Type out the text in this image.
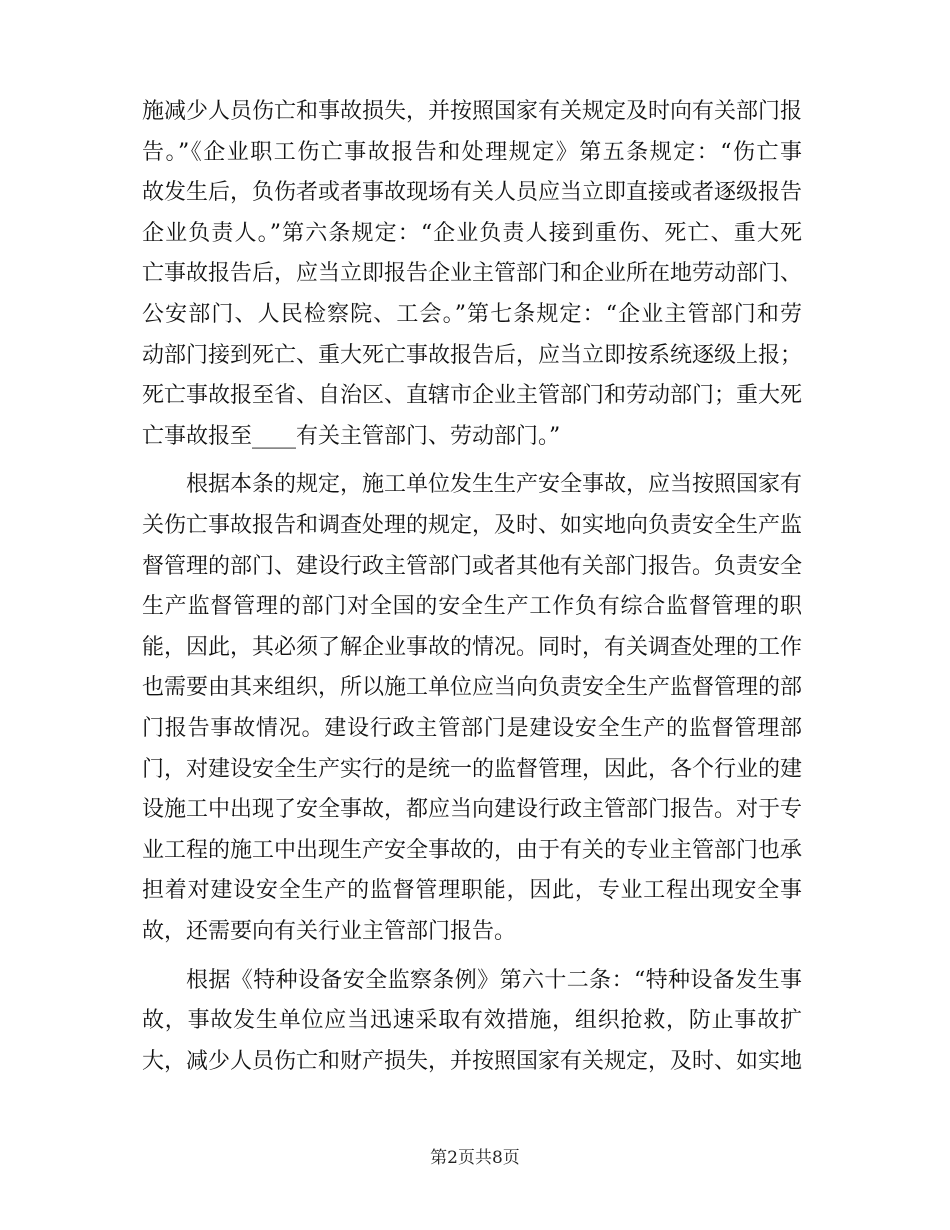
施减少人员伤亡和事故损失，并按照国家有关规定及时向有关部门报
告。”《企业职工伤亡事故报告和处理规定》第五条规定：“伤亡事
故发生后，负伤者或者事故现场有关人员应当立即直接或者逐级报告
企业负责人。”第六条规定：“企业负责人接到重伤、死亡、重大死
亡事故报告后，应当立即报告企业主管部门和企业所在地劳动部门、
公安部门、人民检察院、工会。”第七条规定：“企业主管部门和劳
动部门接到死亡、重大死亡事故报告后，应当立即按系统逐级上报；
死亡事故报至省、自治区、直辖市企业主管部门和劳动部门；重大死
亡事故报至____有关主管部门、劳动部门。”
根据本条的规定，施工单位发生生产安全事故，应当按照国家有
关伤亡事故报告和调查处理的规定，及时、如实地向负责安全生产监
督管理的部门、建设行政主管部门或者其他有关部门报告。负责安全
生产监督管理的部门对全国的安全生产工作负有综合监督管理的职
能，因此，其必须了解企业事故的情况。同时，有关调查处理的工作
也需要由其来组织，所以施工单位应当向负责安全生产监督管理的部
门报告事故情况。建设行政主管部门是建设安全生产的监督管理部
门，对建设安全生产实行的是统一的监督管理，因此，各个行业的建
设施工中出现了安全事故，都应当向建设行政主管部门报告。对于专
业工程的施工中出现生产安全事故的，由于有关的专业主管部门也承
担着对建设安全生产的监督管理职能，因此，专业工程出现安全事
故，还需要向有关行业主管部门报告。
根据《特种设备安全监察条例》第六十二条：“特种设备发生事
故，事故发生单位应当迅速采取有效措施，组织抢救，防止事故扩
大，减少人员伤亡和财产损失，并按照国家有关规定，及时、如实地
第2页共8页
